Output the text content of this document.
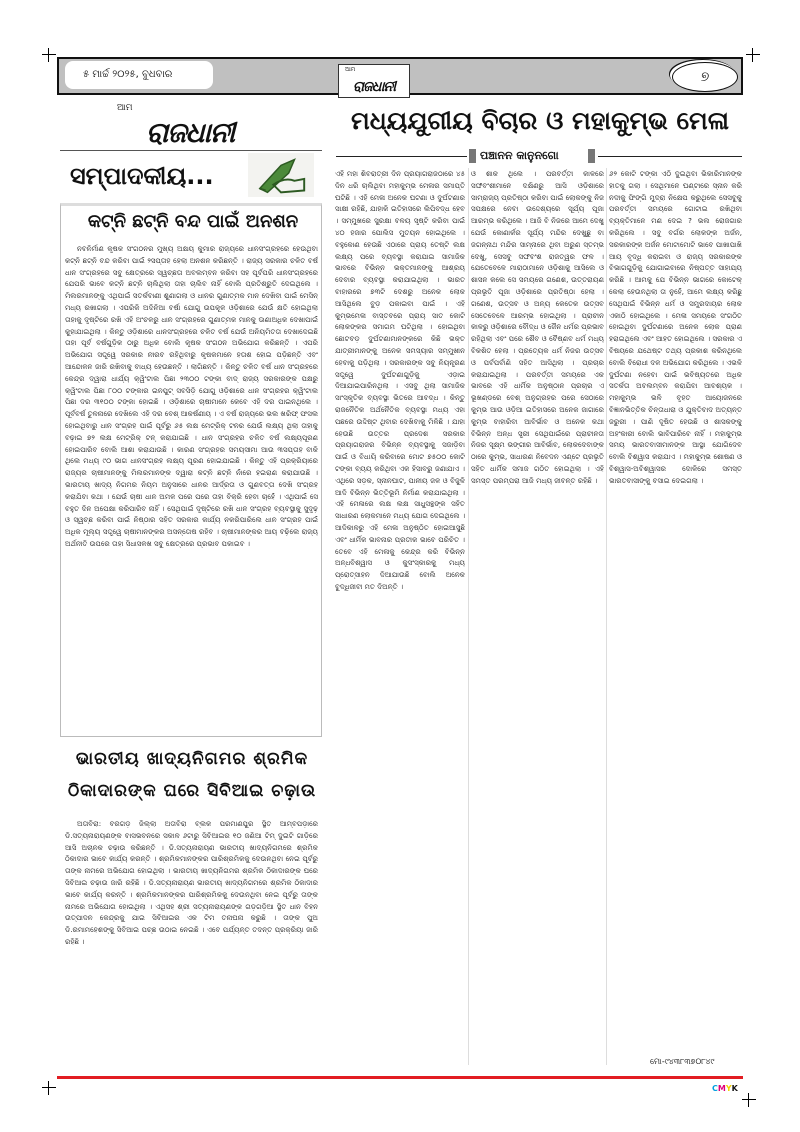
୫ ମାର୍ଚ୍ଚ ୨୦୨୫, ବୁଧବାର	ଆମ
ରାଜଧାନୀ
୭
ଆମ
ରାଜଧାନୀ
ସମ୍ପାଦକୀୟ...
କଟ୍‌ନି ଛଟ୍‌ନି ବନ୍ଦ ପାଇଁ ଅନଶନ
ନବନିର୍ମାଣ କୃଷକ ସଂଗଠନର ମୁଖ୍ୟ ଅକ୍ଷୟ କୁମାର ରାଜ୍ୟରେ ଧାନସଂଗ୍ରହରେ ହେଉଥିବା କଟ୍‌ନି ଛଟ୍‌ନି ବନ୍ଦ କରିବା ପାଇଁ ୨ସପ୍ତାହ ହେଲା ଅନଶନ କରିଛନ୍ତି । ରାଜ୍ୟ ସରକାର ଚଳିତ ବର୍ଷ ଧାନ ସଂଗ୍ରହରେ ସବୁ କ୍ଷେତ୍ରରେ ସ୍ୱଚ୍ଛତା ଅବଲମ୍ବନ କରିବା ସହ ପୂର୍ବପରି ଧାନସଂଗ୍ରହରେ ଯେପରି ଭାବେ କଟ୍‌ନି ଛଟ୍‌ନି ଚାଲିଥିଲା ତାହା ଚାଲିବ ନାହିଁ ବୋଲି ପ୍ରତିଶ୍ରୁତି ଦେଇଥିଲେ । ମିଲରମାନଙ୍କୁ ଏଥିପାଇଁ ସତର୍କବାଣୀ ଶୁଣାଗଲା ଓ ଧାନର ଗୁଣାତ୍ମକ ମାନ ଦେଖିବା ପାଇଁ ମେସିନ୍ ମଧ୍ୟ ରଖାଗଲା । ଏପରିକି ଅଦିନିଆ ବର୍ଷା ଯୋଗୁ ଉପକୂଳ ଓଡ଼ିଶାରେ ଯେଉଁ କ୍ଷତି ହୋଇଥିଲା ତାହାକୁ ଦୃଷ୍ଟିରେ ରଖି ଏହି ଅଂଚଳରୁ ଧାନ ସଂଗ୍ରହରେ ଗୁଣାତ୍ମକ ମାନକୁ ଊଣାଅଧିକ ଦେଖାପାଇଁ କୁହାଯାଇଥିଲା । କିନ୍ତୁ ଓଡ଼ିଶାରେ ଧାନସଂଗ୍ରହରେ ଚଳିତ ବର୍ଷ ଯେଉଁ ଅନିୟମିତତା ଦେଖାଦେଇଛି ତାହା ପୂର୍ବ ବର୍ଷଗୁଡ଼ିକ ଠାରୁ ଅଧିକ ବୋଲି କୃଷକ ସଂଗଠନ ଅଭିଯୋଗ କରିଛନ୍ତି । ଏପରି ଅଭିଯୋଗ ସତ୍ତ୍ୱେ ସରକାର ନୀରବ ରହିଥିବାରୁ କୃଷକମାନେ ହତାଶ ହୋଇ ପଡ଼ିଛନ୍ତି ଏବଂ ଆନ୍ଦୋଳନ ଜାରି ରଖିବାକୁ ବାଧ୍ୟ ହେଉଛନ୍ତି । ଲାଗିଛନ୍ତି । କିନ୍ତୁ ଚଳିତ ବର୍ଷ ଧାନ ସଂଗ୍ରହରେ କେନ୍ଦ୍ର ଦ୍ୱାରା ଧାର୍ଯ୍ୟ କ୍ୱିଂଟାଲ ପିଛା ୨୩୦୦ ଟଙ୍କା ବାଦ୍ ରାଜ୍ୟ ସରକାରଙ୍କ ପକ୍ଷରୁ କ୍ୱିଂଟାଲ ପିଛା ୮୦୦ ଟଙ୍କାର ଇନପୁଟ୍ ସବସିଡ଼ି ଯୋଗୁ ଓଡ଼ିଶାରେ ଧାନ ସଂଗ୍ରହର କ୍ୱିଂଟାଲ ପିଛା ଦର ୩୧୦୦ ଟଙ୍କା ହୋଇଛି । ଓଡ଼ିଶାରେ ଚାଷୀମାନେ କେବେ ଏହି ଦର ପାଇନଥିଲେ । ପୂର୍ବବର୍ଷ ତୁଳନାରେ ଦେଖିଲେ ଏହି ଦର ବେଶ୍ ଆକର୍ଷଣୀୟ । ଏ ବର୍ଷ ରାଜ୍ୟରେ ଭଲ ଖରିଫ୍ ଫସଲ ହୋଇଥିବାରୁ ଧାନ ସଂଗ୍ରହ ପାଇଁ ପୂର୍ବରୁ ୬୫ ଲକ୍ଷ ମେଟ୍ରିକ୍ ଟନର ଯେଉଁ ଲକ୍ଷ୍ୟ ଥିଲା ତାହାକୁ ବଢ଼ାଇ ୭୨ ଲକ୍ଷ ମେଟ୍ରିକ୍ ଟନ୍ କରାଯାଇଛି । ଧାନ ସଂଗ୍ରହର ଚଳିତ ବର୍ଷ ଲକ୍ଷ୍ୟପୂରଣ ହୋଇପାରିବ ବୋଲି ଆଶା କରାଯାଉଛି । କାରଣ ସଂଗ୍ରହର ସମୟସୀମା ଆଉ ୩ସପ୍ତାହ ବାକି ଥିଲେ ମଧ୍ୟ ୯୦ ଭାଗ ଧାନସଂଗ୍ରହ ଲକ୍ଷ୍ୟ ପୂରଣ ହୋଇଯାଇଛି । କିନ୍ତୁ ଏହି ପ୍ରକ୍ରିୟାରେ ରାଜ୍ୟର ଚାଷୀମାନଙ୍କୁ ମିଲରମାନଙ୍କ ଦ୍ୱାରା କଟ୍‌ନି ଛଟ୍‌ନି ନାଁରେ ହଇରାଣ କରାଯାଉଛି । ଭାରତୀୟ ଖାଦ୍ୟ ନିଗମର ନିୟମ ଅନୁସାରେ ଧାନର ଆର୍ଦ୍ରତା ଓ ଗୁଣବତ୍ତା ଦେଖି ସଂଗ୍ରହ କରାଯିବା କଥା । ଯେଉଁ ଚାଷୀ ଧାନ ଅମଳ ପରେ ପରେ ତାହା ବିକ୍ରି ହେବା ଚାହେଁ । ଏଥିପାଇଁ ସେ ବହୁତ ଦିନ ଅପେକ୍ଷା କରିପାରିବ ନାହିଁ । ସେଥିପାଇଁ ଦୃଷ୍ଟିରେ ରଖି ଧାନ ସଂଗ୍ରହ ବ୍ୟବସ୍ଥାକୁ ସୁଦୃଢ଼ ଓ ସ୍ୱଚ୍ଛ କରିବା ପାଇଁ ନିଷ୍ଠାର ସହିତ ସରକାର କାର୍ଯ୍ୟ ନକରିପାରିଲେ ଧାନ ସଂଗ୍ରହ ପାଇଁ ଅଧିକ ମୂଲ୍ୟ ସତ୍ତ୍ୱେ ଚାଷୀମାନଙ୍କର ଅସନ୍ତୋଷ ରହିବ । ଚାଷୀମାନଙ୍କର ଆୟ ବଢ଼ିଲେ ରାଜ୍ୟ ଅର୍ଥନୀତି ଉପରେ ତାହା ସିଧାସଳଖ ସବୁ କ୍ଷେତ୍ରରେ ପ୍ରଭାବ ପକାଇବ ।
ଭାରତୀୟ ଖାଦ୍ୟନିଗମର ଶ୍ରମିକ
ଠିକାଦାରଙ୍କ ଘରେ ସିବିଆଇ ଚଢ଼ାଉ
ଅତାବିରା: ବରଗଡ଼ ଜିଲ୍ଲା ଅତାବିରା ବ୍ଲକ ପରମାଣପୁର ସ୍ଥିତ ଆମ୍ବପଡ଼ାରେ ଡି.ସତ୍ୟନାରାୟଣଙ୍କ ବାସଭବନରେ ସକାଳ ୬ଟାରୁ ସିବିଆଇର ୧୦ ଜଣିଆ ଟିମ୍ ଦୁଇଟି ଗାଡ଼ିରେ ଆସି ଅଚାନକ ଚଢ଼ାଉ କରିଛନ୍ତି । ଡି.ସତ୍ୟନାରାୟଣ ଭାରତୀୟ ଖାଦ୍ୟନିଗମରେ ଶ୍ରମିକ ଠିକାଦାର ଭାବେ କାର୍ଯ୍ୟ କରନ୍ତି । ଶ୍ରମିକମାନଙ୍କର ପାରିଶ୍ରମିକକୁ ଦେଉନଥିବା ନେଇ ପୂର୍ବରୁ ତାଙ୍କ ନାମରେ ଅଭିଯୋଗ ହୋଇଥିଲା । ଭାରତୀୟ ଖାଦ୍ୟନିଗମର ଶ୍ରମିକ ଠିକାଦାରଙ୍କ ଘରେ ସିବିଆଇ ଚଢ଼ାଉ ଜାରି ରହିଛି । ଡି.ସତ୍ୟନାରାୟଣ ଭାରତୀୟ ଖାଦ୍ୟନିଗମରେ ଶ୍ରମିକ ଠିକାଦାର ଭାବେ କାର୍ଯ୍ୟ କରନ୍ତି । ଶ୍ରମିକମାନଙ୍କର ପାରିଶ୍ରମିକକୁ ଦେଉନଥିବା ନେଇ ପୂର୍ବରୁ ତାଙ୍କ ନାମରେ ଅଭିଯୋଗ ହୋଇଥିଲା । ଏଥିସହ ଶ୍ରୀ ସତ୍ୟନାରାୟଣଙ୍କ ଗଡ଼ଗଡ଼ିଆ ସ୍ଥିତ ଧାନ ବିହନ ଉତ୍ପାଦନ କେନ୍ଦ୍ରକୁ ଯାଇ ସିବିଆଇର ଏକ ଟିମ ତନାଘନା କରୁଛି । ତାଙ୍କ ପୁଅ ଡି.ରମାମହେଶଙ୍କୁ ସିବିଆଇ ପଚ୍ଛ ଉଠାଇ ନେଇଛି । ଏବେ ପର୍ଯ୍ୟନ୍ତ ତଦନ୍ତ ପ୍ରକ୍ରିୟା ଜାରି ରହିଛି ।
ମଧ୍ୟଯୁଗୀୟ ବିଚାର ଓ ମହାକୁମ୍ଭ ମେଳା
ପଞ୍ଚାନନ କାନୁନଗୋ
ଏହି ମହା ଶିବରାତ୍ରୀ ଦିନ ପ୍ରୟାଗରାଜଠାରେ ୪୫ ଦିନ ଧରି ଚାଲିଥିବା ମହାକୁମ୍ଭ ମେଳାର ସମାପ୍ତି ଘଟିଛି । ଏହି ମେଳା ଅନେକ ଘଟଣା ଓ ଦୁର୍ଘଟଣାର ସାକ୍ଷୀ ରହିଛି, ଯାହାକି ଇତିହାସରେ ଲିପିବଦ୍ଧ ହେବ । ସମ୍ମୁଖରେ ସୁରକ୍ଷା ବଳୟ ସୃଷ୍ଟି କରିବା ପାଇଁ ୪୦ ହଜାର ପୋଲିସ ମୁତୟନ ହୋଇଥିଲେ । ବହୁକୋଣ ହେଉଛି ଏଠାରେ ପ୍ରାୟ ତେଷ୍ଟି ଲକ୍ଷ ଲକ୍ଷ୍ୟ ପରେ ବ୍ୟବସ୍ଥା କରାଯାଇ ସାମାଜିକ ଭାବରେ ବିଭିନ୍ନ ଭକ୍ତମାନଙ୍କୁ ଆଶ୍ରୟ ଦେବାର ବ୍ୟବସ୍ଥା କରାଯାଇଥିଲା । ଭାରତ ବାହାରରେ ୭୩ଟି ଦେଶରୁ ଅନେକ ଲୋକ ଆସିଥିଲେ ବୁଡ଼ ପକାଇବା ପାଇଁ । ଏହି କୁମ୍ଭମେଳା ବାସ୍ତବରେ ପ୍ରାୟ ସାତ କୋଟି ଲୋକଙ୍କର ସମାଗମ ଘଟିଥିଲା । ହୋଇଥିବା ଛୋଟବଡ଼ ଦୁର୍ଘଟଣାମାନଙ୍କରେ କିଛି ଭକ୍ତ ଯାତ୍ରୀମାନଙ୍କୁ ଅନେକ ସମସ୍ୟାର ସମ୍ମୁଖୀନ ହେବାକୁ ପଡ଼ିଥିଲା । ସରକାରଙ୍କ ସବୁ ନିୟନ୍ତ୍ରଣ ସତ୍ତ୍ୱେ ଦୁର୍ଘଟଣାଗୁଡ଼ିକୁ ଏଡ଼ାଇ ଦିଆଯାଇପାରିନଥିଲା । ଏସବୁ ଥିଲା ସାମାଜିକ ସାଂସ୍କୃତିକ ବ୍ୟବସ୍ଥା ଭିତରେ ଆବଦ୍ଧ । କିନ୍ତୁ ରାଜନୈତିକ ଅର୍ଥନୈତିକ ବ୍ୟବସ୍ଥା ମଧ୍ୟ ଏହା ପଛରେ ଉଦ୍ଦିଷ୍ଟ ଥିବାର ଦେଖିବାକୁ ମିଳିଛି । ଯାହା ହେଉଛି ଉତ୍ତର ପ୍ରଦେଶ ସରକାର ପ୍ରୟାଗରାଜର ବିଭିନ୍ନ ବ୍ୟବସ୍ଥାକୁ ସଜାଡ଼ିବା ପାଇଁ ଓ ବିଧାୟି କରିବାରେ ମୋଟ ୭୫୦୦ କୋଟି ଟଙ୍କା ବ୍ୟୟ କରିଥିବା ଏକ ହିସାବରୁ ଜଣାଯାଏ । ଏଥିରେ ସଡ଼କ, ସ୍ନାନଘାଟ, ପାନୀୟ ଜଳ ଓ ବିଜୁଳି ଆଦି ବିଭିନ୍ନ ଭିତ୍ତିଭୂମି ନିର୍ମାଣ କରାଯାଇଥିଲା । ଏହି ମେଳାରେ ଲକ୍ଷ ଲକ୍ଷ ସାଧୁସନ୍ଥଙ୍କ ସହିତ ସାଧାରଣ ଲୋକମାନେ ମଧ୍ୟ ଯୋଗ ଦେଇଥିଲେ । ଆଦିକାଳରୁ ଏହି ମେଳା ଅନୁଷ୍ଠିତ ହୋଇଆସୁଛି ଏବଂ ଧାର୍ମିକ ଭାବନାର ପ୍ରତୀକ ଭାବେ ପରିଚିତ । ତେବେ ଏହି ମେଳାକୁ କେନ୍ଦ୍ର କରି ବିଭିନ୍ନ ଅନ୍ଧବିଶ୍ୱାସ ଓ କୁସଂସ୍କାରକୁ ମଧ୍ୟ ପ୍ରୋତ୍ସାହନ ଦିଆଯାଉଛି ବୋଲି ଅନେକ ବୁଦ୍ଧିଜୀବୀ ମତ ଦିଅନ୍ତି ।
ଓ ଶାକ ଥିଲେ । ପରବର୍ତ୍ତୀ କାଳରେ ସଙ୍ଘବଂଶୀମାନେ ଦକ୍ଷିଣରୁ ଆସି ଓଡ଼ିଶାରେ ସାମ୍ରାଜ୍ୟ ପ୍ରତିଷ୍ଠା କରିବା ପାଇଁ ଲୋକଙ୍କୁ ନିଜ ସପକ୍ଷରେ ନେବା ଉଦ୍ଦେଶ୍ୟରେ ସୂର୍ଯ୍ୟ ପୂଜା ଆରମ୍ଭ କରିଥିଲେ । ଆଜି ବି ନିଜରେ ଆମେ ଦେଖୁ ଯେଉଁ କୋଣାର୍କର ସୂର୍ଯ୍ୟ ମନ୍ଦିର ଦେଖୁଛୁ ବା ଜଗନ୍ନାଥ ମନ୍ଦିର ସାମ୍ନାରେ ଥିବା ଅରୁଣ ସ୍ତମ୍ଭ ଦେଖୁ, ସେସବୁ ସଙ୍ଘବଂଶ ରାଜତ୍ୱର ଫଳ । ଯେତେବେଳେ ମାରାଠାମାନେ ଓଡ଼ିଶାକୁ ଆସିଲେ ଓ ଶାସନ କଲେ ସେ ସମୟରେ ଗଣେଶ, ଉତ୍ତରାୟଣ ପ୍ରଭୃତି ପୂଜା ଓଡ଼ିଶାରେ ପ୍ରତିଷ୍ଠା ହେଲା । ଗଣେଶ, ଉତ୍ସବ ଓ ଅନ୍ୟ କେତେକ ଉତ୍ସବ ସେତେବେଳେ ଆରମ୍ଭ ହୋଇଥିଲା । ପ୍ରାଚୀନ କାଳରୁ ଓଡ଼ିଶାରେ ବୌଦ୍ଧ ଓ ଜୈନ ଧର୍ମର ପ୍ରଭାବ ରହିଥିଲା ଏବଂ ପରେ ଶୈବ ଓ ବୈଷ୍ଣବ ଧର୍ମ ମଧ୍ୟ ବିକଶିତ ହେଲା । ପ୍ରତ୍ୟେକ ଧର୍ମ ନିଜର ଉତ୍ସବ ଓ ପର୍ବପର୍ବାଣି ସହିତ ଆସିଥିଲା । ପ୍ରଚାର କରାଯାଇଥିଲା । ପରବର୍ତ୍ତୀ ସମୟରେ ଏକ ଭାବରେ ଏହି ଧାର୍ମିକ ଅନୁଷ୍ଠାନ ପ୍ରଚାର ଏ ଭୂଖଣ୍ଡରେ ବେଶ୍ ଅନୁଗ୍ରହର ପରେ ସେଠାରେ କୁମ୍ଭ ଆଉ ଓଡ଼ିଆ ଇତିହାସରେ ଅନେକ ଜାଗାରେ କୁମ୍ଭ ବାହାରିବା ଆବିର୍ଭାବ ଓ ଅନେକ କଥା ବିଭିନ୍ନ ଅନ୍ଧ ସ୍ତ୍ରୀ ସେଥିପାଇଁରେ ପ୍ରାଚୀନତା ନିଜର ସୂକ୍ଷ୍ମ ଭଙ୍ଗୀର ଆବିର୍ଭାବ, ଲୋକଦେବାଙ୍କ ଠାରେ କୁମ୍ଭ, ସାଧାରଣ ନିବେଦନ ଏଣ୍ଟେ ପ୍ରଭୃତି ସହିତ ଧାର୍ମିକ ସମାଜ ଗଠିତ ହୋଇଥିଲା । ଏହି ସମସ୍ତ ପରମ୍ପରା ଆଜି ମଧ୍ୟ ଜୀବନ୍ତ ରହିଛି ।
୬୨ କୋଟି ଟଙ୍କା ଏଠି ଦୁଇଥିବା ଭିକାରିମାନଙ୍କ ହାତକୁ ଗଲା । ସେଥିମାନେ ଘଣ୍ଟାରେ ସ୍ନାନ କରି ନଦୀକୁ ଫିଙ୍ଗି ମୁଦ୍ରା ନିକ୍ଷେପ କରୁଥିଲେ ସେସବୁକୁ ପରବର୍ତ୍ତୀ ସମୟରେ ଗୋଟାଇ ରଖିଥିବା ବ୍ୟକ୍ତିମାନେ ମଣ ଦେଇ ? ଭଲ ରୋଜଗାର କରିଥିଲେ । ସବୁ ବର୍ଗର ଲୋକଙ୍କ ଅର୍ଜନ, ସରକାରଙ୍କ ଅର୍ଜନ ମୋଟାମୋଟି ଭାବେ ପାଖାପାଖି ଆୟ ବୃଦ୍ଧି କରାଇବା ଓ ରାଜ୍ୟ ସରକାରଙ୍କ ବିଭାଗଗୁଡ଼ିକୁ ଯୋଗାଇବାରେ ନିଷ୍ପତ୍ତ ସାହାଯ୍ୟ କରିଛି । ଆମକୁ ଯେ ବିଭିନ୍ନ ଭାଗରେ କୋଟେକ୍ କେଲା ହେଉନଥିଲା ତା ନୁହେଁ, ଆମେ ଲକ୍ଷ୍ୟ କରିଛୁ ସେଥିପାଇଁ ବିଭିନ୍ନ ଧର୍ମ ଓ ସମ୍ପ୍ରଦାୟର ଲୋକ ଏକାଠି ହୋଇଥିଲେ । ମେଳା ସମୟରେ ସଂଗଠିତ ହୋଇଥିବା ଦୁର୍ଘଟଣାରେ ଅନେକ ଲୋକ ପ୍ରାଣ ହରାଇଥିଲେ ଏବଂ ଆହତ ହୋଇଥିଲେ । ସରକାର ଏ ବିଷୟରେ ଯଥେଷ୍ଟ ତଥ୍ୟ ପ୍ରକାଶ କରିନଥିଲେ ବୋଲି ବିରୋଧୀ ଦଳ ଅଭିଯୋଗ କରିଥିଲେ । ଏଭଳି ଦୁର୍ଘଟଣା ନହେବା ପାଇଁ ଭବିଷ୍ୟତରେ ଅଧିକ ସତର୍କତା ଅବଲମ୍ବନ କରାଯିବା ଆବଶ୍ୟକ । ମହାକୁମ୍ଭ ଭଳି ବୃହତ ଆୟୋଜନରେ ବିଜ୍ଞାନଭିତ୍ତିକ ଚିନ୍ତାଧାରା ଓ ଯୁକ୍ତିବାଦ ଅତ୍ୟନ୍ତ ଜରୁରୀ । ପାଣି ଦୂଷିତ ହେଉଛି ଓ ଶାସକଙ୍କୁ ଅହଂକାରୀ ବୋଲି ଭାବିପାରିବେ ନାହିଁ । ମହାକୁମ୍ଭ ସମୟ ଭାରତବାସୀମାନଙ୍କ ଆସ୍ଥା ଯୋଗିଦେବ ବୋଲି ବିଶ୍ୱାସ କରାଯାଏ । ମହାକୁମ୍ଭ ଶୋଷଣ ଓ ବିଶ୍ୱାସ-ଅବିଶ୍ୱାସର ଦୋଳିରେ ସମସ୍ତ ଭାରତବାସୀଙ୍କୁ ବସାଇ ଦେଇଗଲା ।
ମୋ-୯୪୩୮୩୭୦୮୪୯
CMYK
